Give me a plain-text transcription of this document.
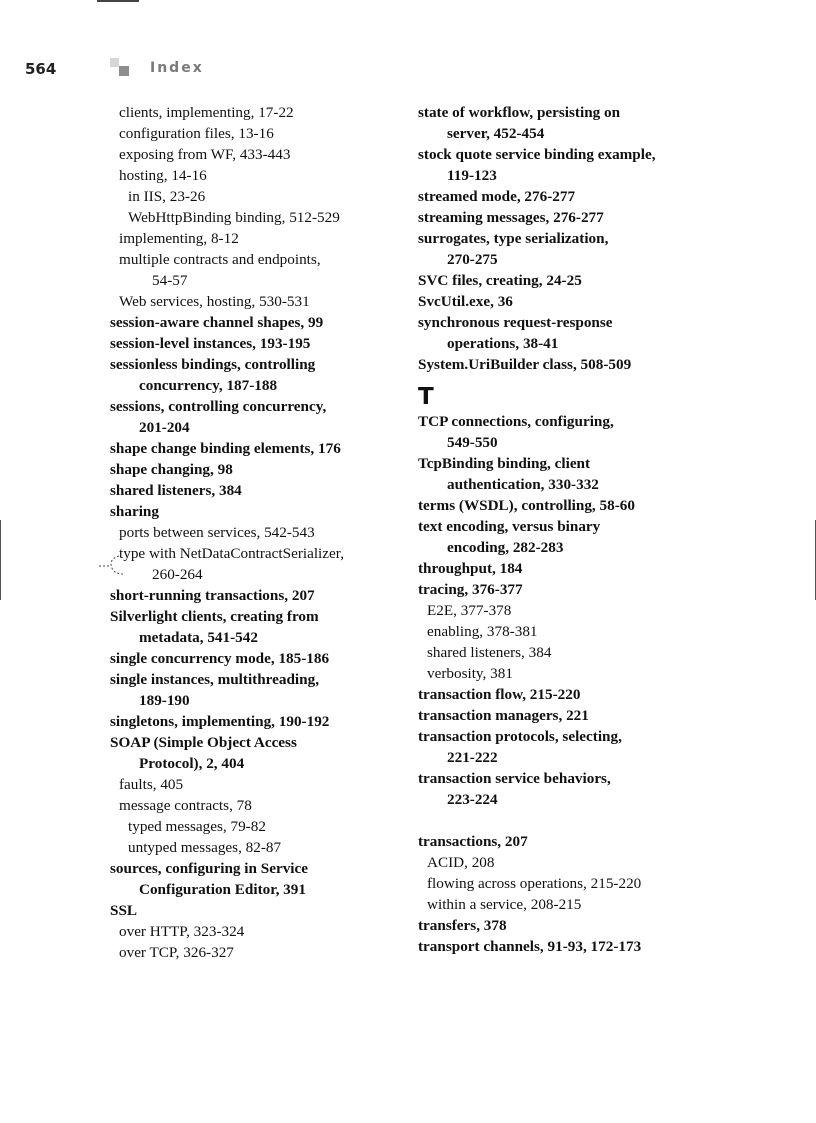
564	Index
clients, implementing, 17-22
configuration files, 13-16
exposing from WF, 433-443
hosting, 14-16
in IIS, 23-26
WebHttpBinding binding, 512-529
implementing, 8-12
multiple contracts and endpoints,
54-57
Web services, hosting, 530-531
session-aware channel shapes, 99
session-level instances, 193-195
sessionless bindings, controlling
concurrency, 187-188
sessions, controlling concurrency,
201-204
shape change binding elements, 176
shape changing, 98
shared listeners, 384
sharing
ports between services, 542-543
type with NetDataContractSerializer,
260-264
short-running transactions, 207
Silverlight clients, creating from
metadata, 541-542
single concurrency mode, 185-186
single instances, multithreading,
189-190
singletons, implementing, 190-192
SOAP (Simple Object Access
Protocol), 2, 404
faults, 405
message contracts, 78
typed messages, 79-82
untyped messages, 82-87
sources, configuring in Service
Configuration Editor, 391
SSL
over HTTP, 323-324
over TCP, 326-327
state of workflow, persisting on
server, 452-454
stock quote service binding example,
119-123
streamed mode, 276-277
streaming messages, 276-277
surrogates, type serialization,
270-275
SVC files, creating, 24-25
SvcUtil.exe, 36
synchronous request-response
operations, 38-41
System.UriBuilder class, 508-509
T
TCP connections, configuring,
549-550
TcpBinding binding, client
authentication, 330-332
terms (WSDL), controlling, 58-60
text encoding, versus binary
encoding, 282-283
throughput, 184
tracing, 376-377
E2E, 377-378
enabling, 378-381
shared listeners, 384
verbosity, 381
transaction flow, 215-220
transaction managers, 221
transaction protocols, selecting,
221-222
transaction service behaviors,
223-224
transactions, 207
ACID, 208
flowing across operations, 215-220
within a service, 208-215
transfers, 378
transport channels, 91-93, 172-173
